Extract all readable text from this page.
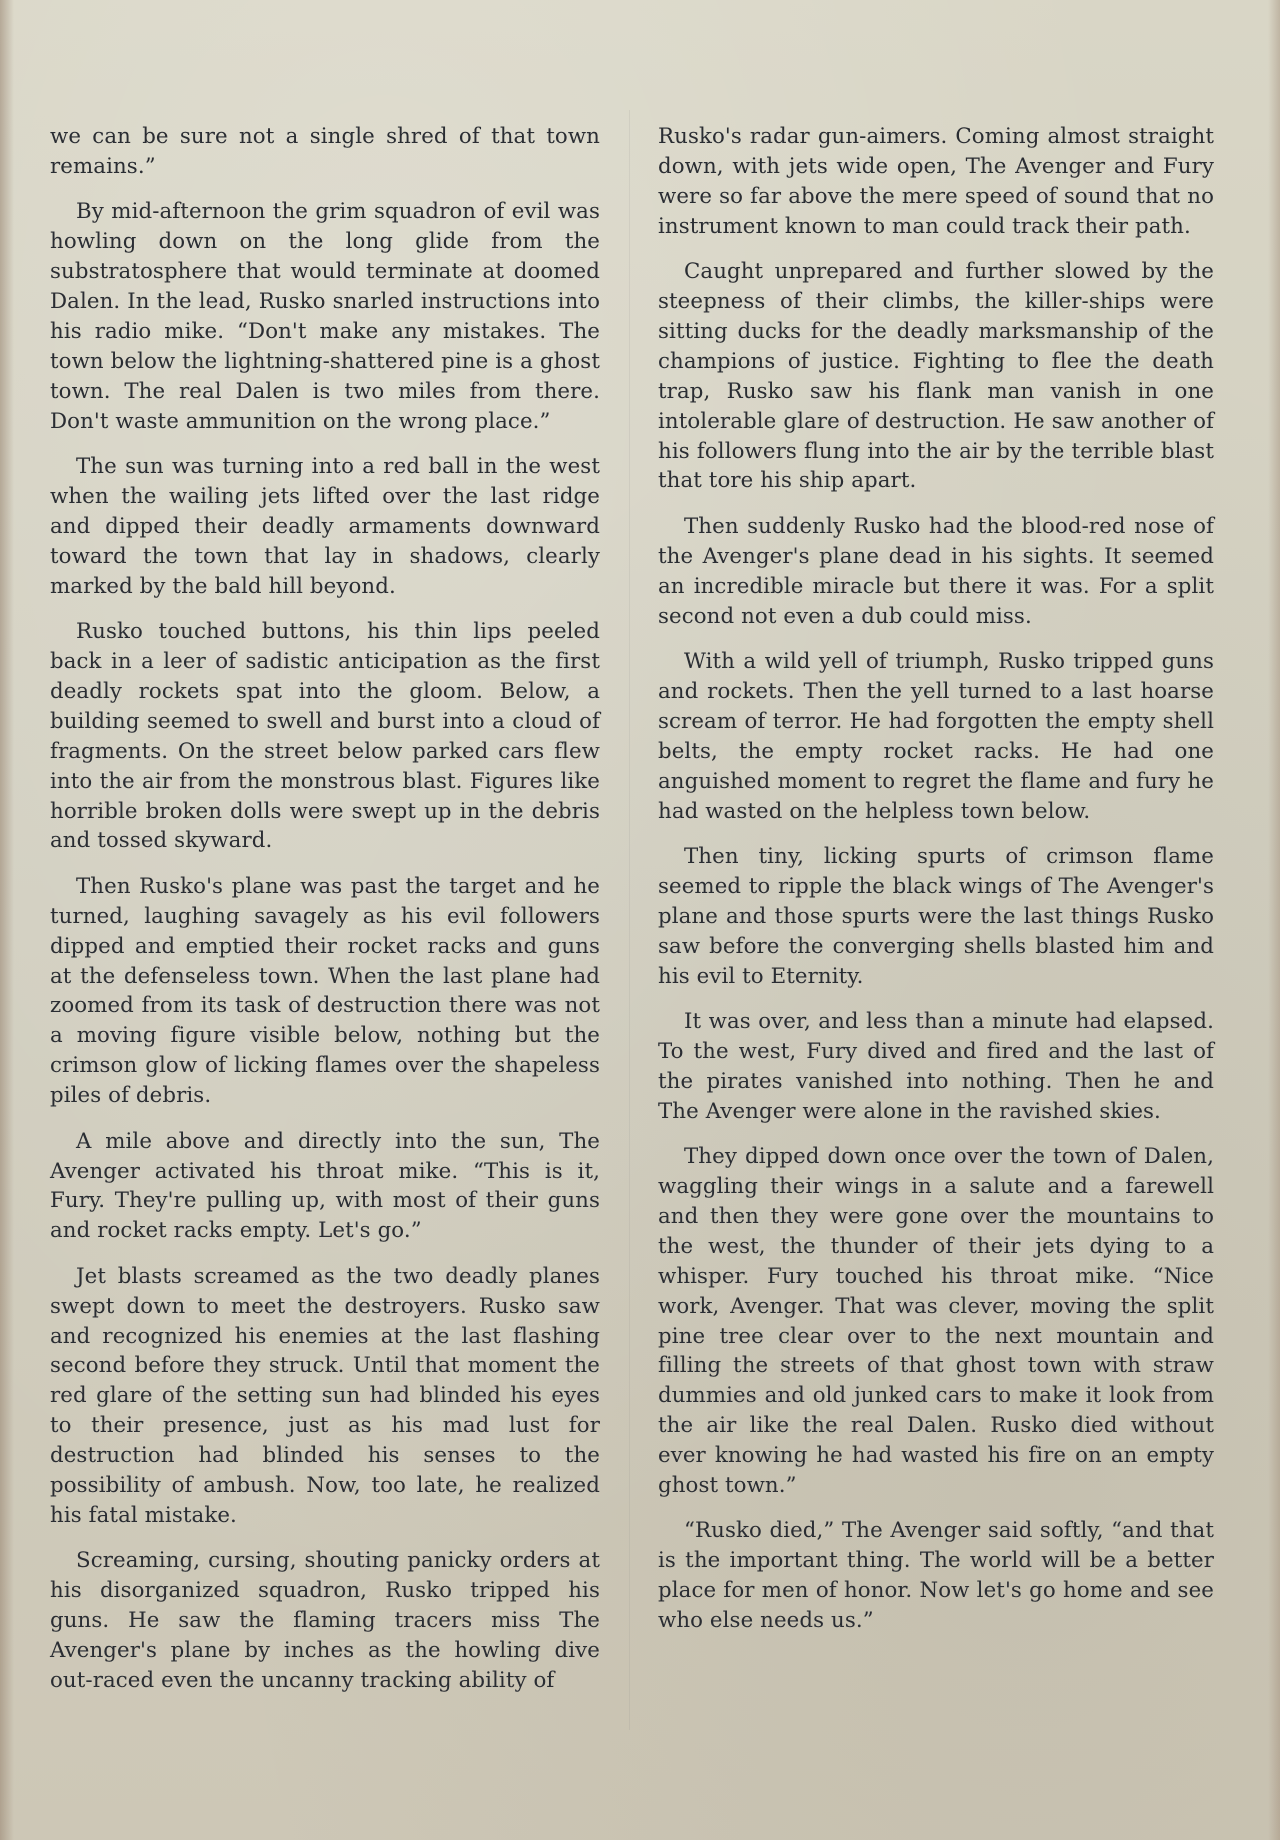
we can be sure not a single shred of that town remains.”

By mid-afternoon the grim squadron of evil was howling down on the long glide from the substratosphere that would terminate at doomed Dalen. In the lead, Rusko snarled instructions into his radio mike. “Don't make any mistakes. The town below the lightning-shattered pine is a ghost town. The real Dalen is two miles from there. Don't waste ammunition on the wrong place.”

The sun was turning into a red ball in the west when the wailing jets lifted over the last ridge and dipped their deadly armaments downward toward the town that lay in shadows, clearly marked by the bald hill beyond.

Rusko touched buttons, his thin lips peeled back in a leer of sadistic anticipation as the first deadly rockets spat into the gloom. Below, a building seemed to swell and burst into a cloud of fragments. On the street below parked cars flew into the air from the monstrous blast. Figures like horrible broken dolls were swept up in the debris and tossed skyward.

Then Rusko's plane was past the target and he turned, laughing savagely as his evil followers dipped and emptied their rocket racks and guns at the defenseless town. When the last plane had zoomed from its task of destruction there was not a moving figure visible below, nothing but the crimson glow of licking flames over the shapeless piles of debris.

A mile above and directly into the sun, The Avenger activated his throat mike. “This is it, Fury. They're pulling up, with most of their guns and rocket racks empty. Let's go.”

Jet blasts screamed as the two deadly planes swept down to meet the destroyers. Rusko saw and recognized his enemies at the last flashing second before they struck. Until that moment the red glare of the setting sun had blinded his eyes to their presence, just as his mad lust for destruction had blinded his senses to the possibility of ambush. Now, too late, he realized his fatal mistake.

Screaming, cursing, shouting panicky orders at his disorganized squadron, Rusko tripped his guns. He saw the flaming tracers miss The Avenger's plane by inches as the howling dive out-raced even the uncanny tracking ability of

Rusko's radar gun-aimers. Coming almost straight down, with jets wide open, The Avenger and Fury were so far above the mere speed of sound that no instrument known to man could track their path.

Caught unprepared and further slowed by the steepness of their climbs, the killer-ships were sitting ducks for the deadly marksmanship of the champions of justice. Fighting to flee the death trap, Rusko saw his flank man vanish in one intolerable glare of destruction. He saw another of his followers flung into the air by the terrible blast that tore his ship apart.

Then suddenly Rusko had the blood-red nose of the Avenger's plane dead in his sights. It seemed an incredible miracle but there it was. For a split second not even a dub could miss.

With a wild yell of triumph, Rusko tripped guns and rockets. Then the yell turned to a last hoarse scream of terror. He had forgotten the empty shell belts, the empty rocket racks. He had one anguished moment to regret the flame and fury he had wasted on the helpless town below.

Then tiny, licking spurts of crimson flame seemed to ripple the black wings of The Avenger's plane and those spurts were the last things Rusko saw before the converging shells blasted him and his evil to Eternity.

It was over, and less than a minute had elapsed. To the west, Fury dived and fired and the last of the pirates vanished into nothing. Then he and The Avenger were alone in the ravished skies.

They dipped down once over the town of Dalen, waggling their wings in a salute and a farewell and then they were gone over the mountains to the west, the thunder of their jets dying to a whisper. Fury touched his throat mike. “Nice work, Avenger. That was clever, moving the split pine tree clear over to the next mountain and filling the streets of that ghost town with straw dummies and old junked cars to make it look from the air like the real Dalen. Rusko died without ever knowing he had wasted his fire on an empty ghost town.”

“Rusko died,” The Avenger said softly, “and that is the important thing. The world will be a better place for men of honor. Now let's go home and see who else needs us.”
